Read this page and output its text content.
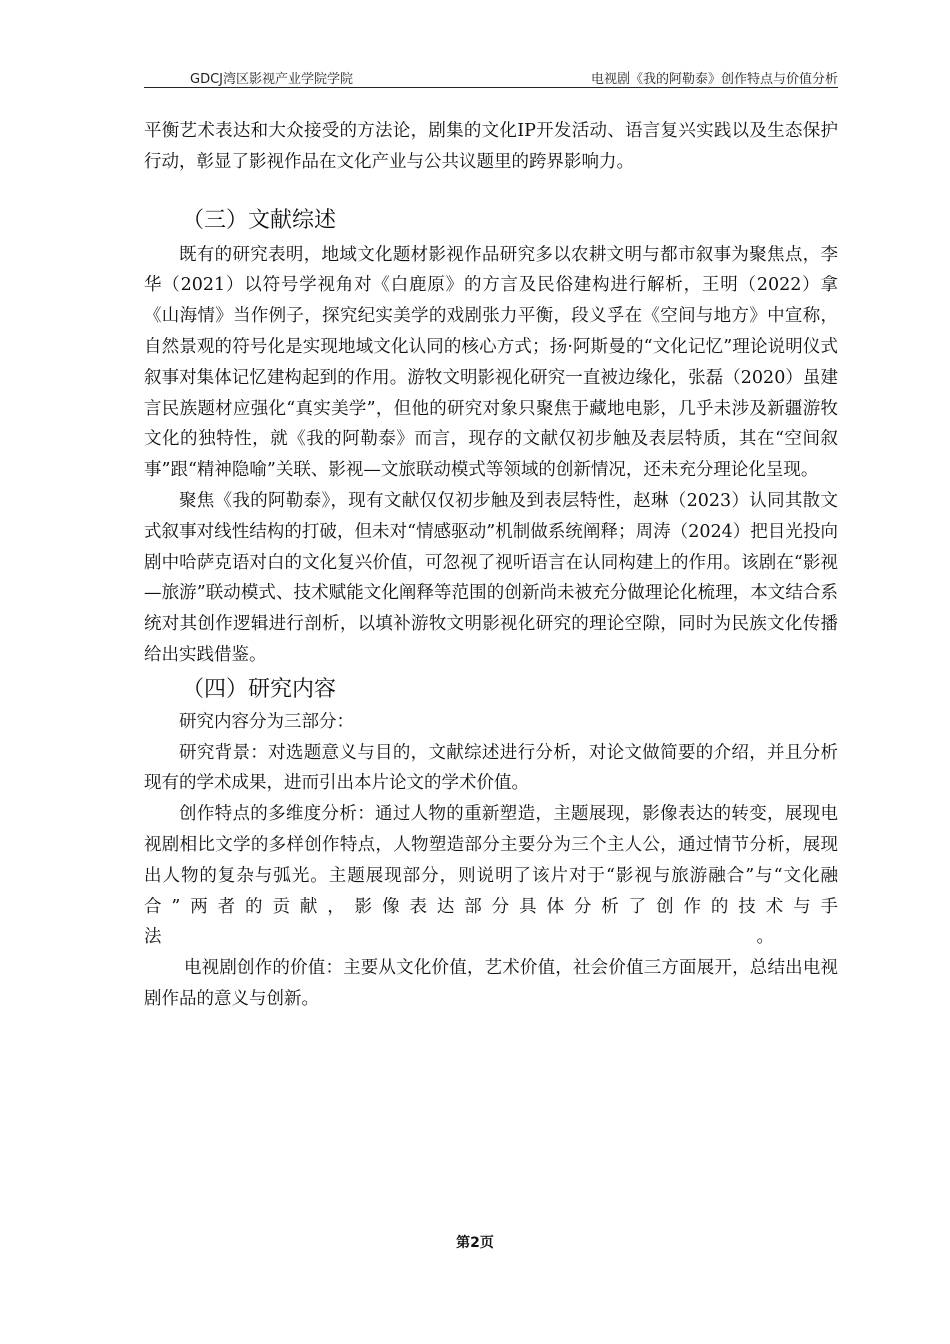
GDCJ湾区影视产业学院学院	电视剧《我的阿勒泰》创作特点与价值分析

平衡艺术表达和大众接受的方法论，剧集的文化IP开发活动、语言复兴实践以及生态保护行动，彰显了影视作品在文化产业与公共议题里的跨界影响力。

（三）文献综述

既有的研究表明，地域文化题材影视作品研究多以农耕文明与都市叙事为聚焦点，李华（2021）以符号学视角对《白鹿原》的方言及民俗建构进行解析，王明（2022）拿《山海情》当作例子，探究纪实美学的戏剧张力平衡，段义孚在《空间与地方》中宣称，自然景观的符号化是实现地域文化认同的核心方式；扬·阿斯曼的“文化记忆”理论说明仪式叙事对集体记忆建构起到的作用。游牧文明影视化研究一直被边缘化，张磊（2020）虽建言民族题材应强化“真实美学”，但他的研究对象只聚焦于藏地电影，几乎未涉及新疆游牧文化的独特性，就《我的阿勒泰》而言，现存的文献仅初步触及表层特质，其在“空间叙事”跟“精神隐喻”关联、影视—文旅联动模式等领域的创新情况，还未充分理论化呈现。

聚焦《我的阿勒泰》，现有文献仅仅初步触及到表层特性，赵琳（2023）认同其散文式叙事对线性结构的打破，但未对“情感驱动”机制做系统阐释；周涛（2024）把目光投向剧中哈萨克语对白的文化复兴价值，可忽视了视听语言在认同构建上的作用。该剧在“影视—旅游”联动模式、技术赋能文化阐释等范围的创新尚未被充分做理论化梳理，本文结合系统对其创作逻辑进行剖析，以填补游牧文明影视化研究的理论空隙，同时为民族文化传播给出实践借鉴。

（四）研究内容

研究内容分为三部分：

研究背景：对选题意义与目的，文献综述进行分析，对论文做简要的介绍，并且分析现有的学术成果，进而引出本片论文的学术价值。

创作特点的多维度分析：通过人物的重新塑造，主题展现，影像表达的转变，展现电视剧相比文学的多样创作特点，人物塑造部分主要分为三个主人公，通过情节分析，展现出人物的复杂与弧光。主题展现部分，则说明了该片对于“影视与旅游融合”与“文化融合”两者的贡献，影像表达部分具体分析了创作的技术与手法　　　　　　　　　　　　　　　　　　　　　　　　　　　　　　　　　　。

电视剧创作的价值：主要从文化价值，艺术价值，社会价值三方面展开，总结出电视剧作品的意义与创新。

第2页
